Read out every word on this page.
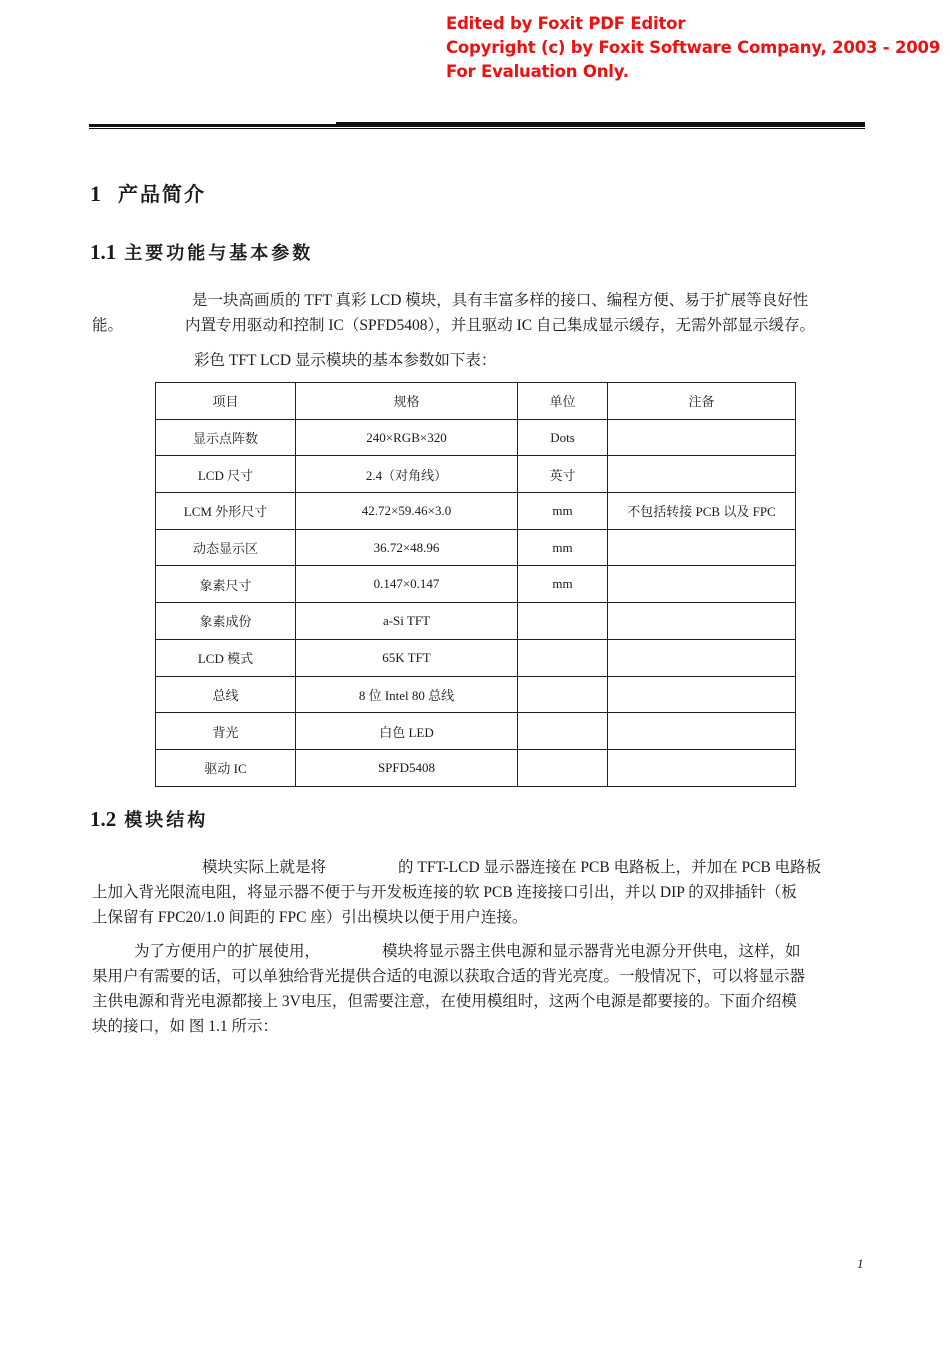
Edited by Foxit PDF Editor
Copyright (c) by Foxit Software Company, 2003 - 2009
For Evaluation Only.
1 产品简介
1.1 主要功能与基本参数
是一块高画质的 TFT 真彩 LCD 模块，具有丰富多样的接口、编程方便、易于扩展等良好性
能。	内置专用驱动和控制 IC（SPFD5408），并且驱动 IC 自己集成显示缓存，无需外部显示缓存。
彩色 TFT LCD 显示模块的基本参数如下表：
项目	规格	单位	注备
显示点阵数	240×RGB×320	Dots	
LCD 尺寸	2.4（对角线）	英寸	
LCM 外形尺寸	42.72×59.46×3.0	mm	不包括转接 PCB 以及 FPC
动态显示区	36.72×48.96	mm	
象素尺寸	0.147×0.147	mm	
象素成份	a-Si TFT		
LCD 模式	65K TFT		
总线	8 位 Intel 80 总线		
背光	白色 LED		
驱动 IC	SPFD5408		
1.2 模块结构
模块实际上就是将	的 TFT-LCD 显示器连接在 PCB 电路板上，并加在 PCB 电路板
上加入背光限流电阻，将显示器不便于与开发板连接的软 PCB 连接接口引出，并以 DIP 的双排插针（板
上保留有 FPC20/1.0 间距的 FPC 座）引出模块以便于用户连接。
为了方便用户的扩展使用，	模块将显示器主供电源和显示器背光电源分开供电，这样，如
果用户有需要的话，可以单独给背光提供合适的电源以获取合适的背光亮度。一般情况下，可以将显示器
主供电源和背光电源都接上 3V电压，但需要注意，在使用模组时，这两个电源是都要接的。下面介绍模
块的接口，如 图 1.1 所示：
1
